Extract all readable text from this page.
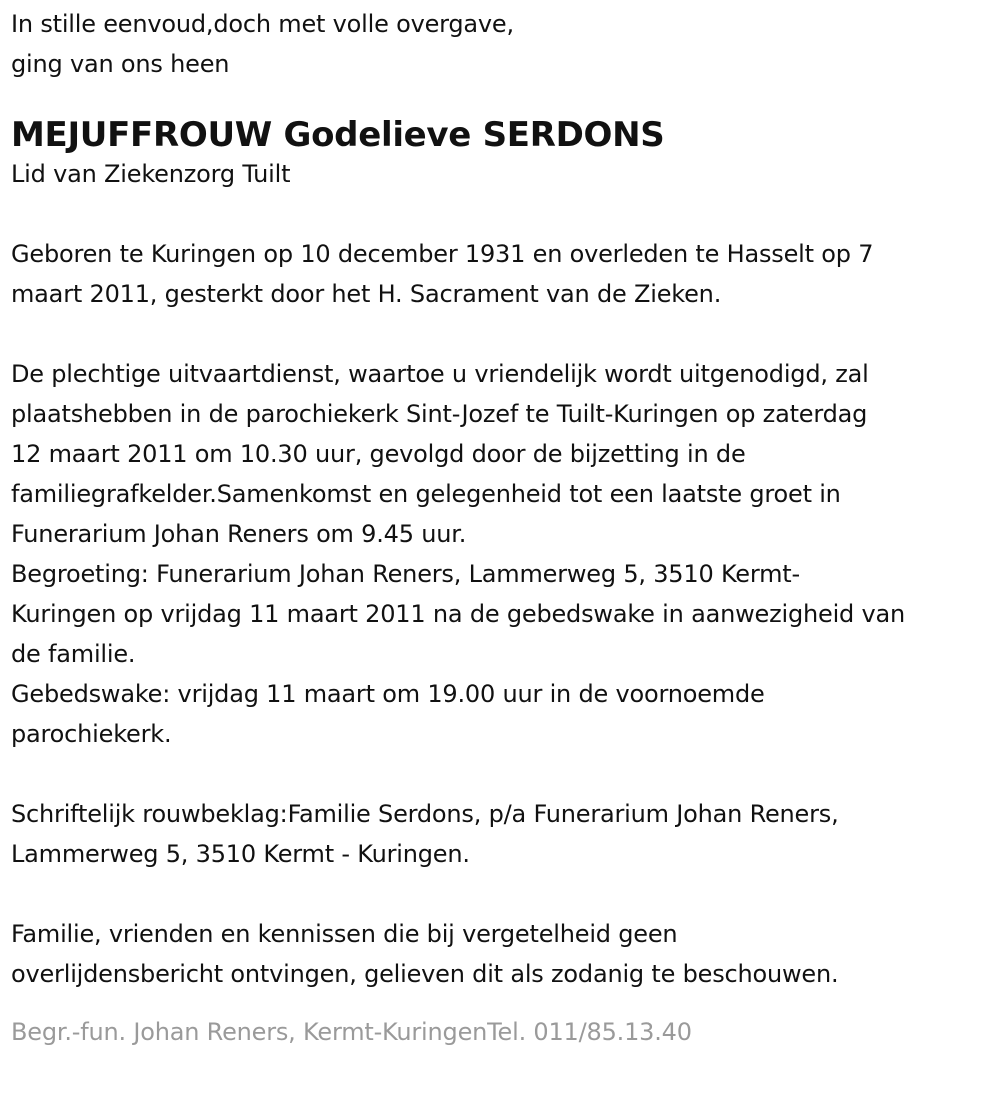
In stille eenvoud,doch met volle overgave,
ging van ons heen
MEJUFFROUW Godelieve SERDONS
Lid van Ziekenzorg Tuilt
Geboren te Kuringen op 10 december 1931 en overleden te Hasselt op 7
maart 2011, gesterkt door het H. Sacrament van de Zieken.
De plechtige uitvaartdienst, waartoe u vriendelijk wordt uitgenodigd, zal
plaatshebben in de parochiekerk Sint-Jozef te Tuilt-Kuringen op zaterdag
12 maart 2011 om 10.30 uur, gevolgd door de bijzetting in de
familiegrafkelder.Samenkomst en gelegenheid tot een laatste groet in
Funerarium Johan Reners om 9.45 uur.
Begroeting: Funerarium Johan Reners, Lammerweg 5, 3510 Kermt-
Kuringen op vrijdag 11 maart 2011 na de gebedswake in aanwezigheid van
de familie.
Gebedswake: vrijdag 11 maart om 19.00 uur in de voornoemde
parochiekerk.
Schriftelijk rouwbeklag:Familie Serdons, p/a Funerarium Johan Reners,
Lammerweg 5, 3510 Kermt - Kuringen.
Familie, vrienden en kennissen die bij vergetelheid geen
overlijdensbericht ontvingen, gelieven dit als zodanig te beschouwen.
Begr.-fun. Johan Reners, Kermt-KuringenTel. 011/85.13.40
